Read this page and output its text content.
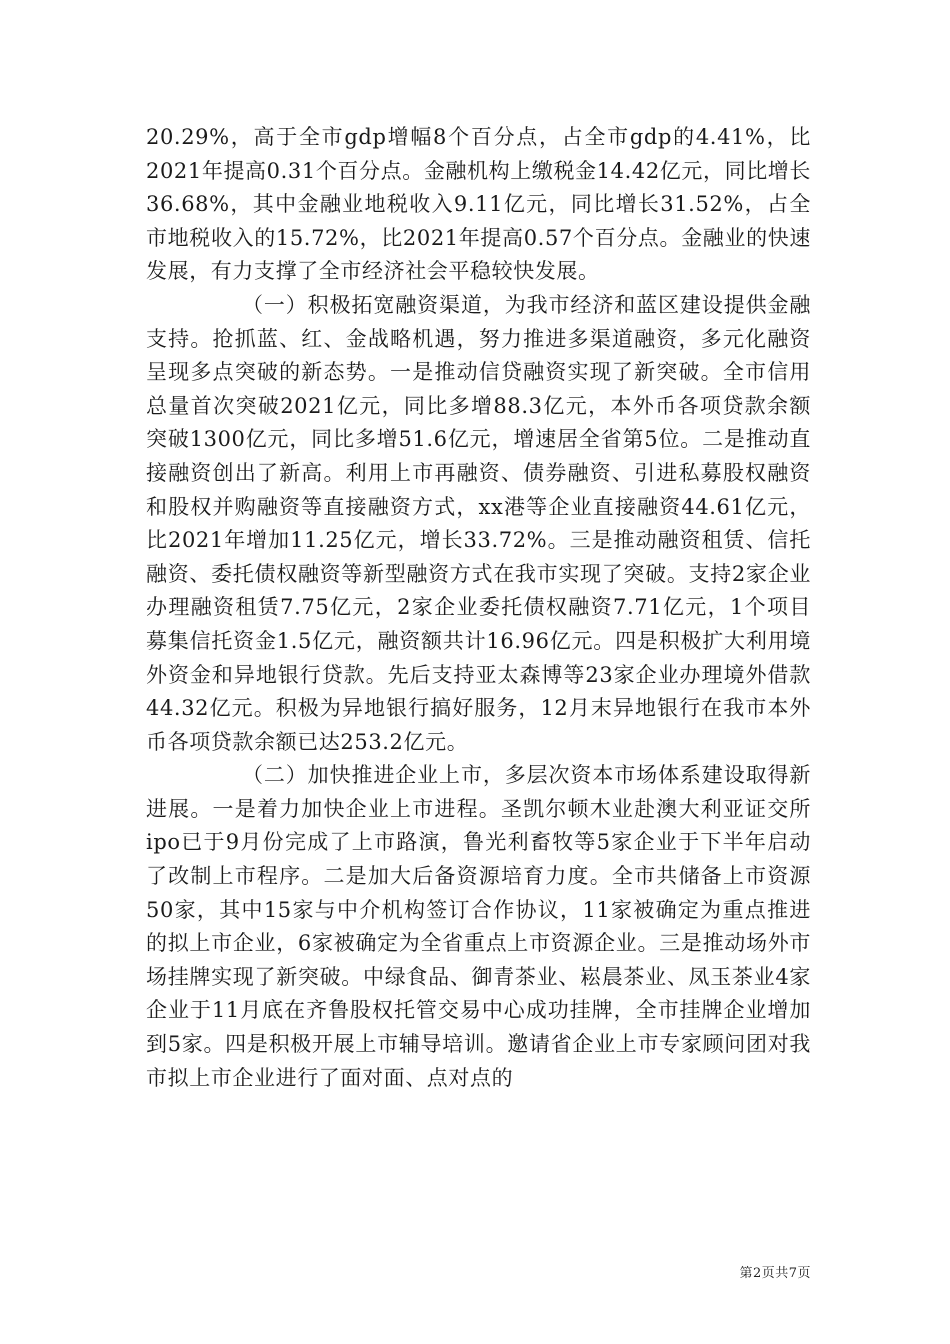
20.29%，高于全市gdp增幅8个百分点，占全市gdp的4.41%，比2021年提高0.31个百分点。金融机构上缴税金14.42亿元，同比增长36.68%，其中金融业地税收入9.11亿元，同比增长31.52%，占全市地税收入的15.72%，比2021年提高0.57个百分点。金融业的快速发展，有力支撑了全市经济社会平稳较快发展。

（一）积极拓宽融资渠道，为我市经济和蓝区建设提供金融支持。抢抓蓝、红、金战略机遇，努力推进多渠道融资，多元化融资呈现多点突破的新态势。一是推动信贷融资实现了新突破。全市信用总量首次突破2021亿元，同比多增88.3亿元，本外币各项贷款余额突破1300亿元，同比多增51.6亿元，增速居全省第5位。二是推动直接融资创出了新高。利用上市再融资、债券融资、引进私募股权融资和股权并购融资等直接融资方式，xx港等企业直接融资44.61亿元，比2021年增加11.25亿元，增长33.72%。三是推动融资租赁、信托融资、委托债权融资等新型融资方式在我市实现了突破。支持2家企业办理融资租赁7.75亿元，2家企业委托债权融资7.71亿元，1个项目募集信托资金1.5亿元，融资额共计16.96亿元。四是积极扩大利用境外资金和异地银行贷款。先后支持亚太森博等23家企业办理境外借款44.32亿元。积极为异地银行搞好服务，12月末异地银行在我市本外币各项贷款余额已达253.2亿元。

（二）加快推进企业上市，多层次资本市场体系建设取得新进展。一是着力加快企业上市进程。圣凯尔顿木业赴澳大利亚证交所ipo已于9月份完成了上市路演，鲁光利畜牧等5家企业于下半年启动了改制上市程序。二是加大后备资源培育力度。全市共储备上市资源50家，其中15家与中介机构签订合作协议，11家被确定为重点推进的拟上市企业，6家被确定为全省重点上市资源企业。三是推动场外市场挂牌实现了新突破。中绿食品、御青茶业、崧晨茶业、凤玉茶业4家企业于11月底在齐鲁股权托管交易中心成功挂牌，全市挂牌企业增加到5家。四是积极开展上市辅导培训。邀请省企业上市专家顾问团对我市拟上市企业进行了面对面、点对点的

第2页共7页
